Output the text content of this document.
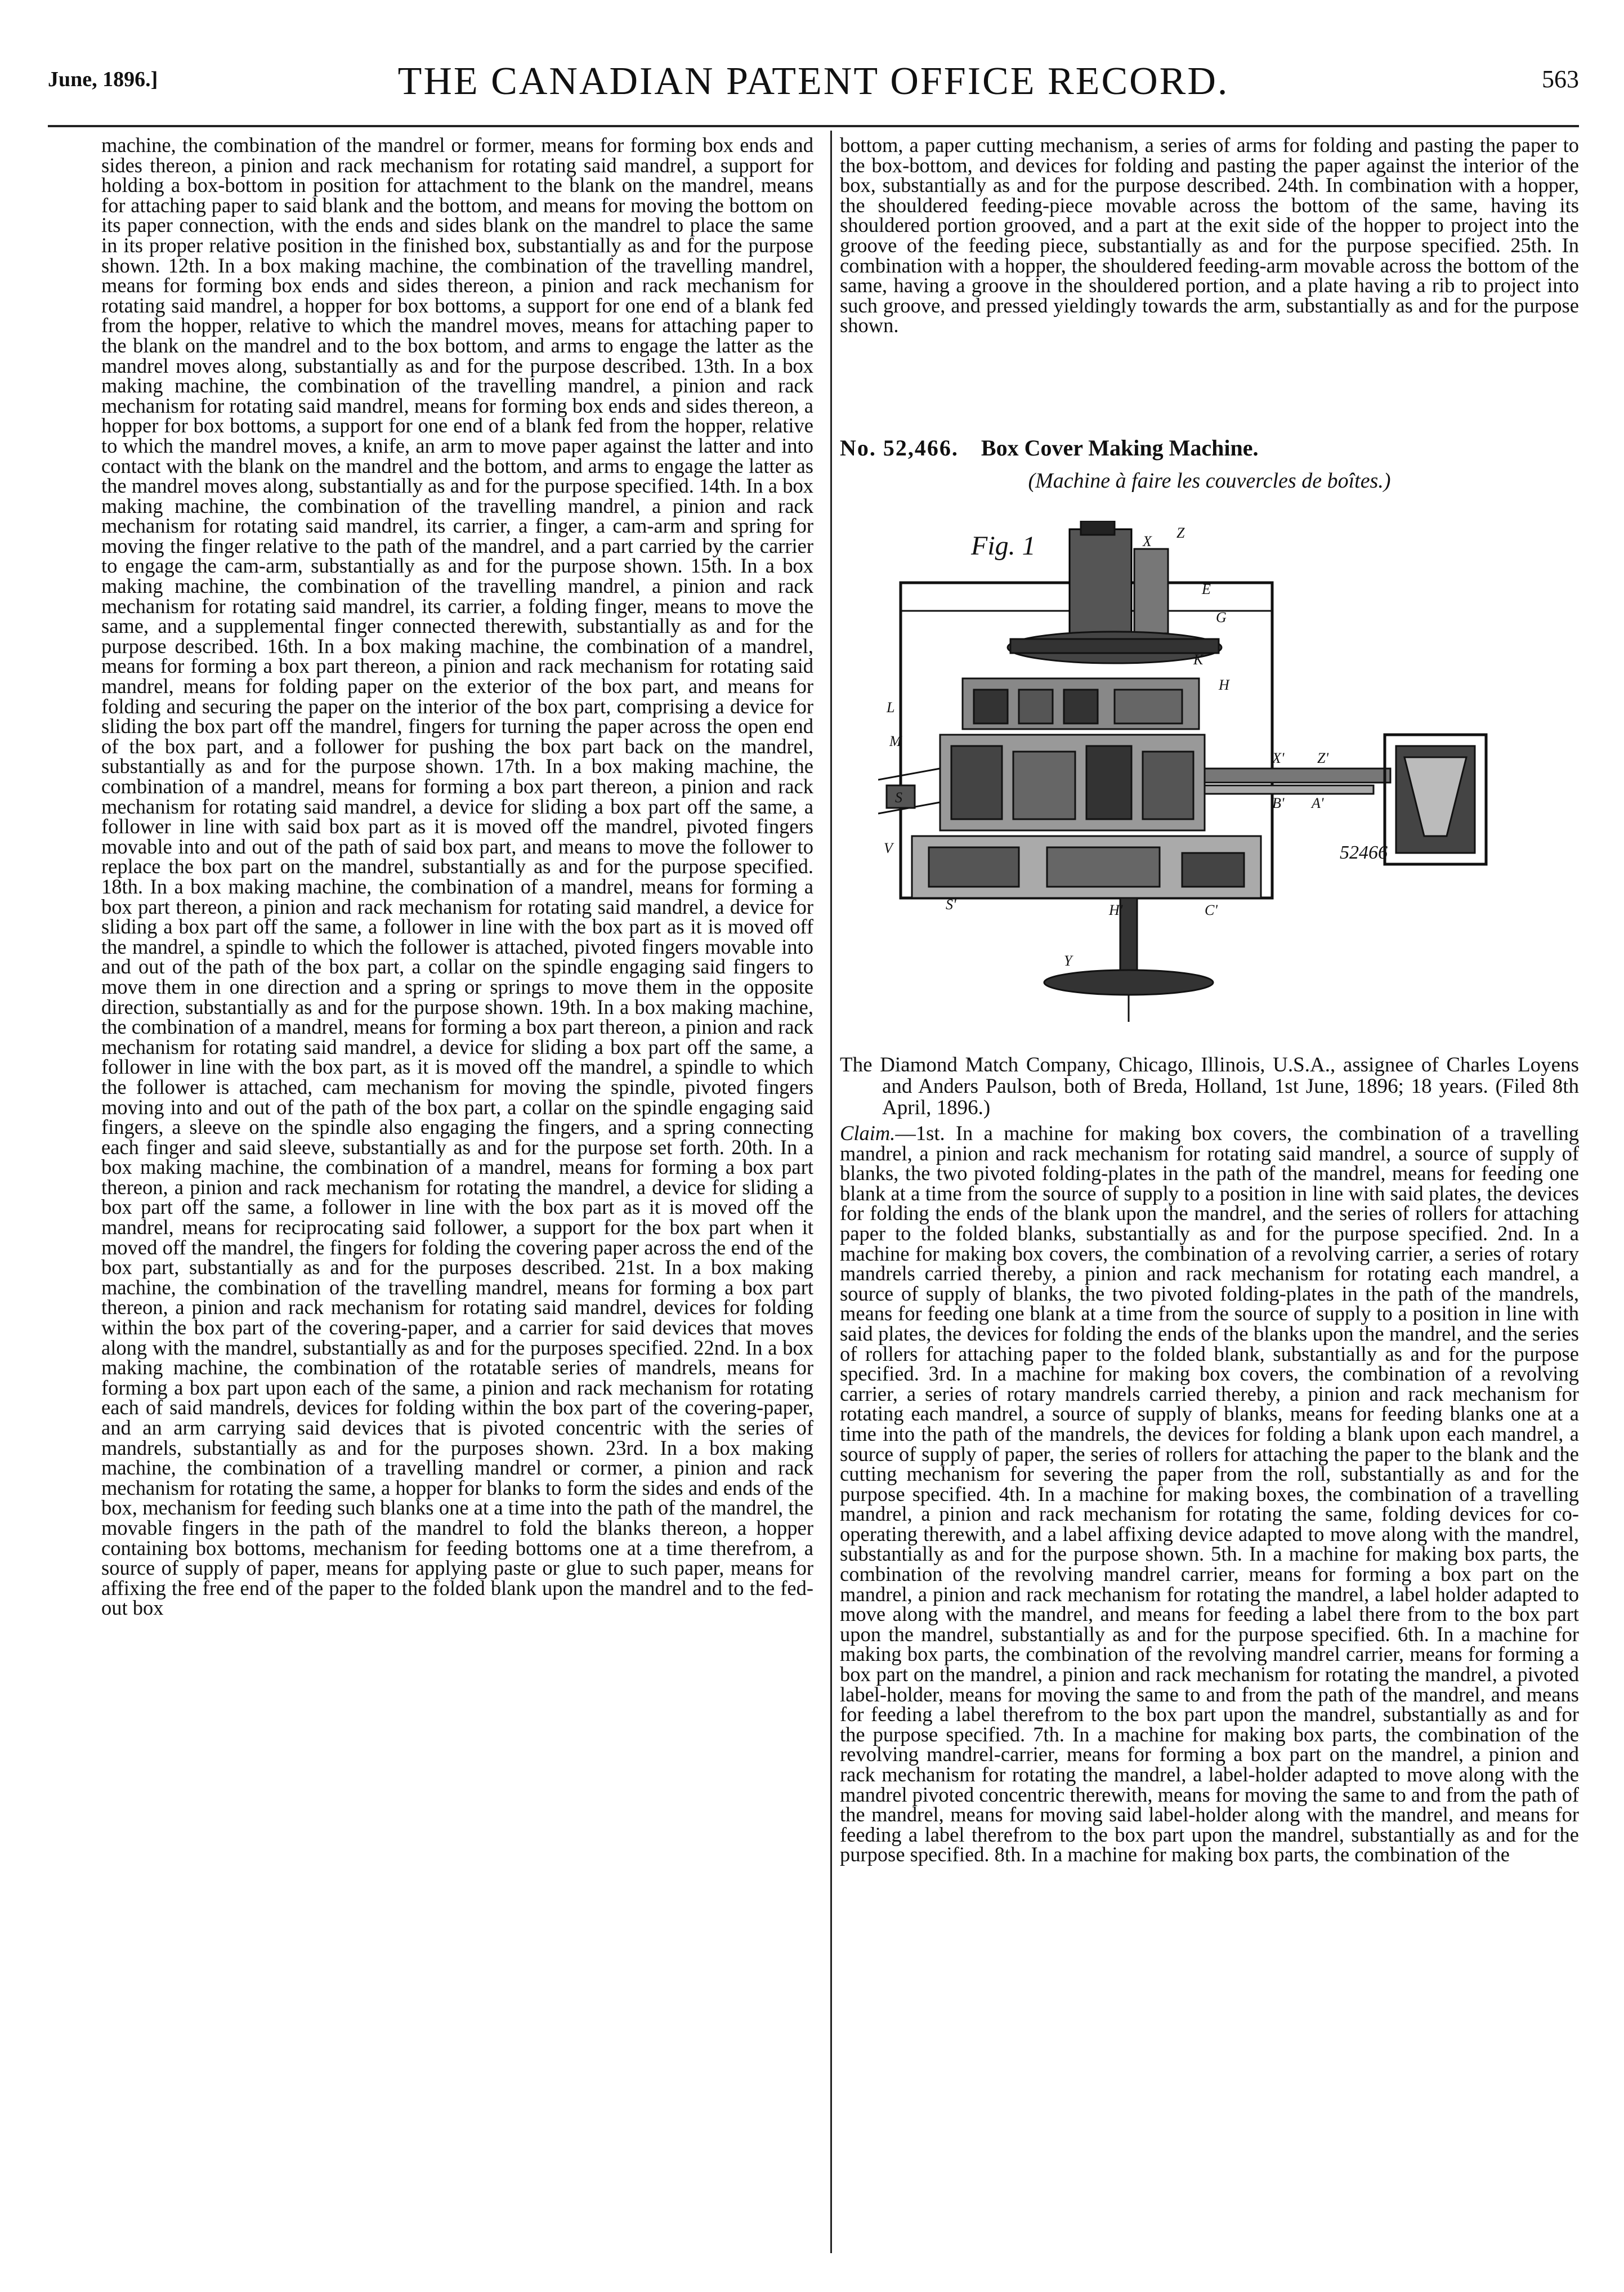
June, 1896.]	THE CANADIAN PATENT OFFICE RECORD.	563

machine, the combination of the mandrel or former, means for forming box ends and sides thereon, a pinion and rack mechanism for rotating said mandrel, a support for holding a box-bottom in position for attachment to the blank on the mandrel, means for attaching paper to said blank and the bottom, and means for moving the bottom on its paper connection, with the ends and sides blank on the mandrel to place the same in its proper relative position in the finished box, substantially as and for the purpose shown. 12th. In a box making machine, the combination of the travelling mandrel, means for forming box ends and sides thereon, a pinion and rack mechanism for rotating said mandrel, a hopper for box bottoms, a support for one end of a blank fed from the hopper, relative to which the mandrel moves, means for attaching paper to the blank on the mandrel and to the box bottom, and arms to engage the latter as the mandrel moves along, substantially as and for the purpose described. 13th. In a box making machine, the combination of the travelling mandrel, a pinion and rack mechanism for rotating said mandrel, means for forming box ends and sides thereon, a hopper for box bottoms, a support for one end of a blank fed from the hopper, relative to which the mandrel moves, a knife, an arm to move paper against the latter and into contact with the blank on the mandrel and the bottom, and arms to engage the latter as the mandrel moves along, substantially as and for the purpose specified. 14th. In a box making machine, the combination of the travelling mandrel, a pinion and rack mechanism for rotating said mandrel, its carrier, a finger, a cam-arm and spring for moving the finger relative to the path of the mandrel, and a part carried by the carrier to engage the cam-arm, substantially as and for the purpose shown. 15th. In a box making machine, the combination of the travelling mandrel, a pinion and rack mechanism for rotating said mandrel, its carrier, a folding finger, means to move the same, and a supplemental finger connected therewith, substantially as and for the purpose described. 16th. In a box making machine, the combination of a mandrel, means for forming a box part thereon, a pinion and rack mechanism for rotating said mandrel, means for folding paper on the exterior of the box part, and means for folding and securing the paper on the interior of the box part, comprising a device for sliding the box part off the mandrel, fingers for turning the paper across the open end of the box part, and a follower for pushing the box part back on the mandrel, substantially as and for the purpose shown. 17th. In a box making machine, the combination of a mandrel, means for forming a box part thereon, a pinion and rack mechanism for rotating said mandrel, a device for sliding a box part off the same, a follower in line with said box part as it is moved off the mandrel, pivoted fingers movable into and out of the path of said box part, and means to move the follower to replace the box part on the mandrel, substantially as and for the purpose specified. 18th. In a box making machine, the combination of a mandrel, means for forming a box part thereon, a pinion and rack mechanism for rotating said mandrel, a device for sliding a box part off the same, a follower in line with the box part as it is moved off the mandrel, a spindle to which the follower is attached, pivoted fingers movable into and out of the path of the box part, a collar on the spindle engaging said fingers to move them in one direction and a spring or springs to move them in the opposite direction, substantially as and for the purpose shown. 19th. In a box making machine, the combination of a mandrel, means for forming a box part thereon, a pinion and rack mechanism for rotating said mandrel, a device for sliding a box part off the same, a follower in line with the box part, as it is moved off the mandrel, a spindle to which the follower is attached, cam mechanism for moving the spindle, pivoted fingers moving into and out of the path of the box part, a collar on the spindle engaging said fingers, a sleeve on the spindle also engaging the fingers, and a spring connecting each finger and said sleeve, substantially as and for the purpose set forth. 20th. In a box making machine, the combination of a mandrel, means for forming a box part thereon, a pinion and rack mechanism for rotating the mandrel, a device for sliding a box part off the same, a follower in line with the box part as it is moved off the mandrel, means for reciprocating said follower, a support for the box part when it moved off the mandrel, the fingers for folding the covering paper across the end of the box part, substantially as and for the purposes described. 21st. In a box making machine, the combination of the travelling mandrel, means for forming a box part thereon, a pinion and rack mechanism for rotating said mandrel, devices for folding within the box part of the covering-paper, and a carrier for said devices that moves along with the mandrel, substantially as and for the purposes specified. 22nd. In a box making machine, the combination of the rotatable series of mandrels, means for forming a box part upon each of the same, a pinion and rack mechanism for rotating each of said mandrels, devices for folding within the box part of the covering-paper, and an arm carrying said devices that is pivoted concentric with the series of mandrels, substantially as and for the purposes shown. 23rd. In a box making machine, the combination of a travelling mandrel or cormer, a pinion and rack mechanism for rotating the same, a hopper for blanks to form the sides and ends of the box, mechanism for feeding such blanks one at a time into the path of the mandrel, the movable fingers in the path of the mandrel to fold the blanks thereon, a hopper containing box bottoms, mechanism for feeding bottoms one at a time therefrom, a source of supply of paper, means for applying paste or glue to such paper, means for affixing the free end of the paper to the folded blank upon the mandrel and to the fed-out box

bottom, a paper cutting mechanism, a series of arms for folding and pasting the paper to the box-bottom, and devices for folding and pasting the paper against the interior of the box, substantially as and for the purpose described. 24th. In combination with a hopper, the shouldered feeding-piece movable across the bottom of the same, having its shouldered portion grooved, and a part at the exit side of the hopper to project into the groove of the feeding piece, substantially as and for the purpose specified. 25th. In combination with a hopper, the shouldered feeding-arm movable across the bottom of the same, having a groove in the shouldered portion, and a plate having a rib to project into such groove, and pressed yieldingly towards the arm, substantially as and for the purpose shown.

No. 52,466. Box Cover Making Machine.
(Machine à faire les couvercles de boîtes.)
Fig. 1	X
Z
E
G
H
K
L
M
S
V
X' Z'
B' A'
C'
H'
Y
S'
52466

The Diamond Match Company, Chicago, Illinois, U.S.A., assignee of Charles Loyens and Anders Paulson, both of Breda, Holland, 1st June, 1896; 18 years. (Filed 8th April, 1896.)

Claim.—1st. In a machine for making box covers, the combination of a travelling mandrel, a pinion and rack mechanism for rotating said mandrel, a source of supply of blanks, the two pivoted folding-plates in the path of the mandrel, means for feeding one blank at a time from the source of supply to a position in line with said plates, the devices for folding the ends of the blank upon the mandrel, and the series of rollers for attaching paper to the folded blanks, substantially as and for the purpose specified. 2nd. In a machine for making box covers, the combination of a revolving carrier, a series of rotary mandrels carried thereby, a pinion and rack mechanism for rotating each mandrel, a source of supply of blanks, the two pivoted folding-plates in the path of the mandrels, means for feeding one blank at a time from the source of supply to a position in line with said plates, the devices for folding the ends of the blanks upon the mandrel, and the series of rollers for attaching paper to the folded blank, substantially as and for the purpose specified. 3rd. In a machine for making box covers, the combination of a revolving carrier, a series of rotary mandrels carried thereby, a pinion and rack mechanism for rotating each mandrel, a source of supply of blanks, means for feeding blanks one at a time into the path of the mandrels, the devices for folding a blank upon each mandrel, a source of supply of paper, the series of rollers for attaching the paper to the blank and the cutting mechanism for severing the paper from the roll, substantially as and for the purpose specified. 4th. In a machine for making boxes, the combination of a travelling mandrel, a pinion and rack mechanism for rotating the same, folding devices for co-operating therewith, and a label affixing device adapted to move along with the mandrel, substantially as and for the purpose shown. 5th. In a machine for making box parts, the combination of the revolving mandrel carrier, means for forming a box part on the mandrel, a pinion and rack mechanism for rotating the mandrel, a label holder adapted to move along with the mandrel, and means for feeding a label there from to the box part upon the mandrel, substantially as and for the purpose specified. 6th. In a machine for making box parts, the combination of the revolving mandrel carrier, means for forming a box part on the mandrel, a pinion and rack mechanism for rotating the mandrel, a pivoted label-holder, means for moving the same to and from the path of the mandrel, and means for feeding a label therefrom to the box part upon the mandrel, substantially as and for the purpose specified. 7th. In a machine for making box parts, the combination of the revolving mandrel-carrier, means for forming a box part on the mandrel, a pinion and rack mechanism for rotating the mandrel, a label-holder adapted to move along with the mandrel pivoted concentric therewith, means for moving the same to and from the path of the mandrel, means for moving said label-holder along with the mandrel, and means for feeding a label therefrom to the box part upon the mandrel, substantially as and for the purpose specified. 8th. In a machine for making box parts, the combination of the
